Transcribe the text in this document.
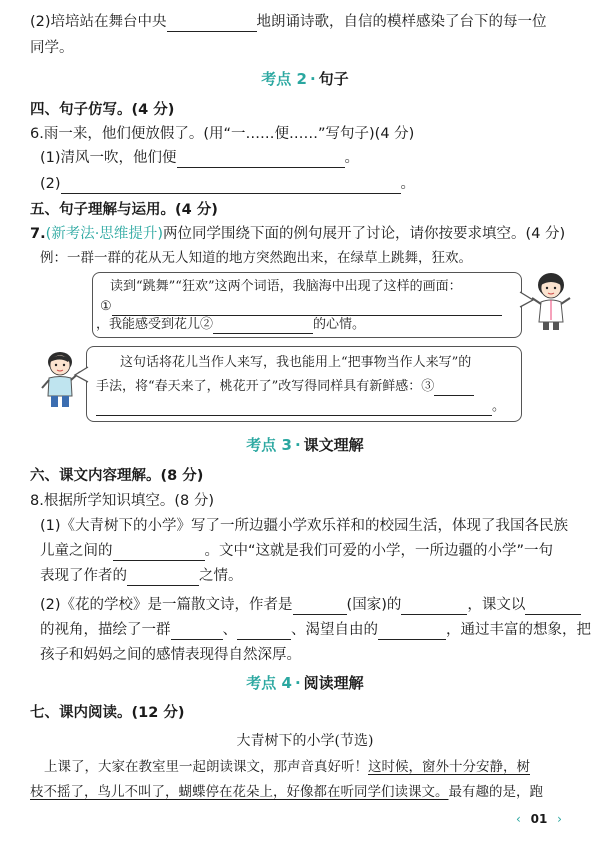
(2)培培站在舞台中央	地朗诵诗歌，自信的模样感染了台下的每一位
同学。
考点 2 · 句子
四、句子仿写。(4 分)
6.雨一来，他们便放假了。(用“一……便……”写句子)(4 分)
(1)清风一吹，他们便	。
(2)	。
五、句子理解与运用。(4 分)
7.(新考法·思维提升)两位同学围绕下面的例句展开了讨论，请你按要求填空。(4 分)
例：一群一群的花从无人知道的地方突然跑出来，在绿草上跳舞，狂欢。
读到“跳舞”“狂欢”这两个词语，我脑海中出现了这样的画面：
①
，我能感受到花儿②	的心情。
这句话将花儿当作人来写，我也能用上“把事物当作人来写”的
手法，将“春天来了，桃花开了”改写得同样具有新鲜感：③
。
考点 3 · 课文理解
六、课文内容理解。(8 分)
8.根据所学知识填空。(8 分)
(1)《大青树下的小学》写了一所边疆小学欢乐祥和的校园生活，体现了我国各民族
儿童之间的	。文中“这就是我们可爱的小学，一所边疆的小学”一句
表现了作者的	之情。
(2)《花的学校》是一篇散文诗，作者是	(国家)的	，课文以
的视角，描绘了一群	、	、渴望自由的	，通过丰富的想象，把
孩子和妈妈之间的感情表现得自然深厚。
考点 4 · 阅读理解
七、课内阅读。(12 分)
大青树下的小学(节选)
上课了，大家在教室里一起朗读课文，那声音真好听！这时候，窗外十分安静，树
枝不摇了，鸟儿不叫了，蝴蝶停在花朵上，好像都在听同学们读课文。最有趣的是，跑
‹ 01 ›
